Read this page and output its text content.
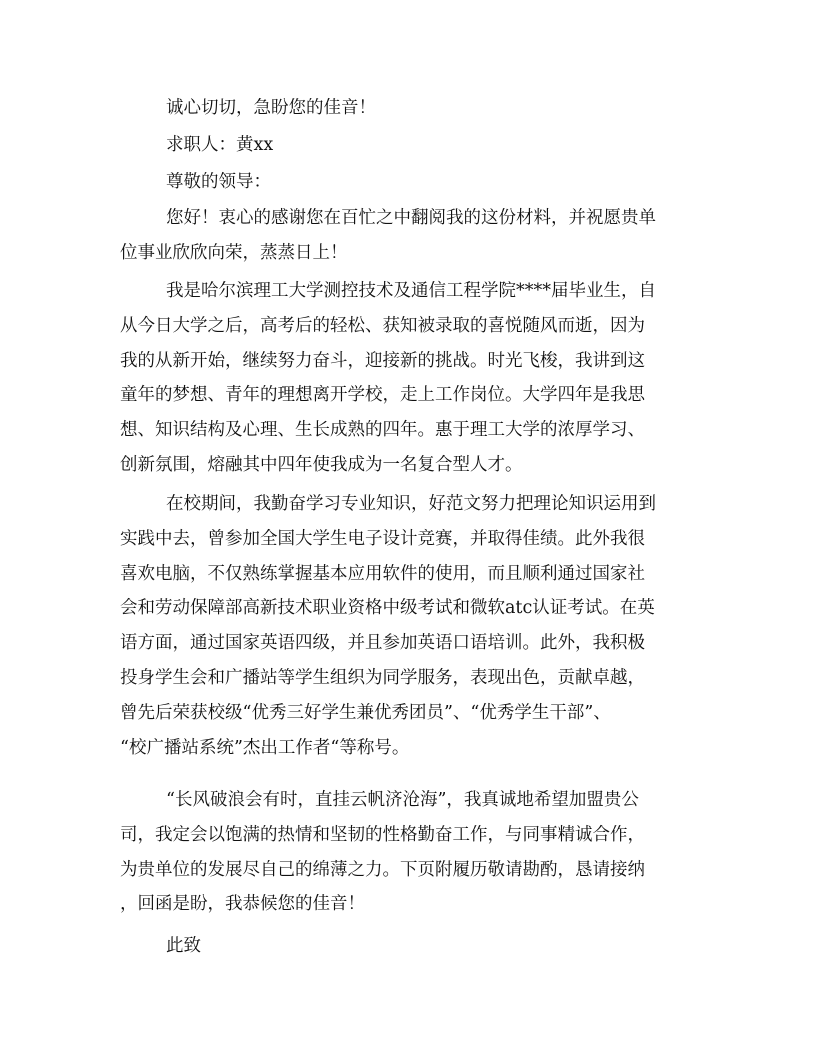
诚心切切，急盼您的佳音！

求职人：黄xx

尊敬的领导：

您好！衷心的感谢您在百忙之中翻阅我的这份材料，并祝愿贵单
位事业欣欣向荣，蒸蒸日上！
我是哈尔滨理工大学测控技术及通信工程学院****届毕业生，自
从今日大学之后，高考后的轻松、获知被录取的喜悦随风而逝，因为
我的从新开始，继续努力奋斗，迎接新的挑战。时光飞梭，我讲到这
童年的梦想、青年的理想离开学校，走上工作岗位。大学四年是我思
想、知识结构及心理、生长成熟的四年。惠于理工大学的浓厚学习、
创新氛围，熔融其中四年使我成为一名复合型人才。
在校期间，我勤奋学习专业知识，好范文努力把理论知识运用到
实践中去，曾参加全国大学生电子设计竞赛，并取得佳绩。此外我很
喜欢电脑，不仅熟练掌握基本应用软件的使用，而且顺利通过国家社
会和劳动保障部高新技术职业资格中级考试和微软atc认证考试。在英
语方面，通过国家英语四级，并且参加英语口语培训。此外，我积极
投身学生会和广播站等学生组织为同学服务，表现出色，贡献卓越，
曾先后荣获校级“优秀三好学生兼优秀团员”、“优秀学生干部”、
“校广播站系统”杰出工作者“等称号。
“长风破浪会有时，直挂云帆济沧海”，我真诚地希望加盟贵公
司，我定会以饱满的热情和坚韧的性格勤奋工作，与同事精诚合作，
为贵单位的发展尽自己的绵薄之力。下页附履历敬请勘酌，恳请接纳
，回函是盼，我恭候您的佳音！

此致
